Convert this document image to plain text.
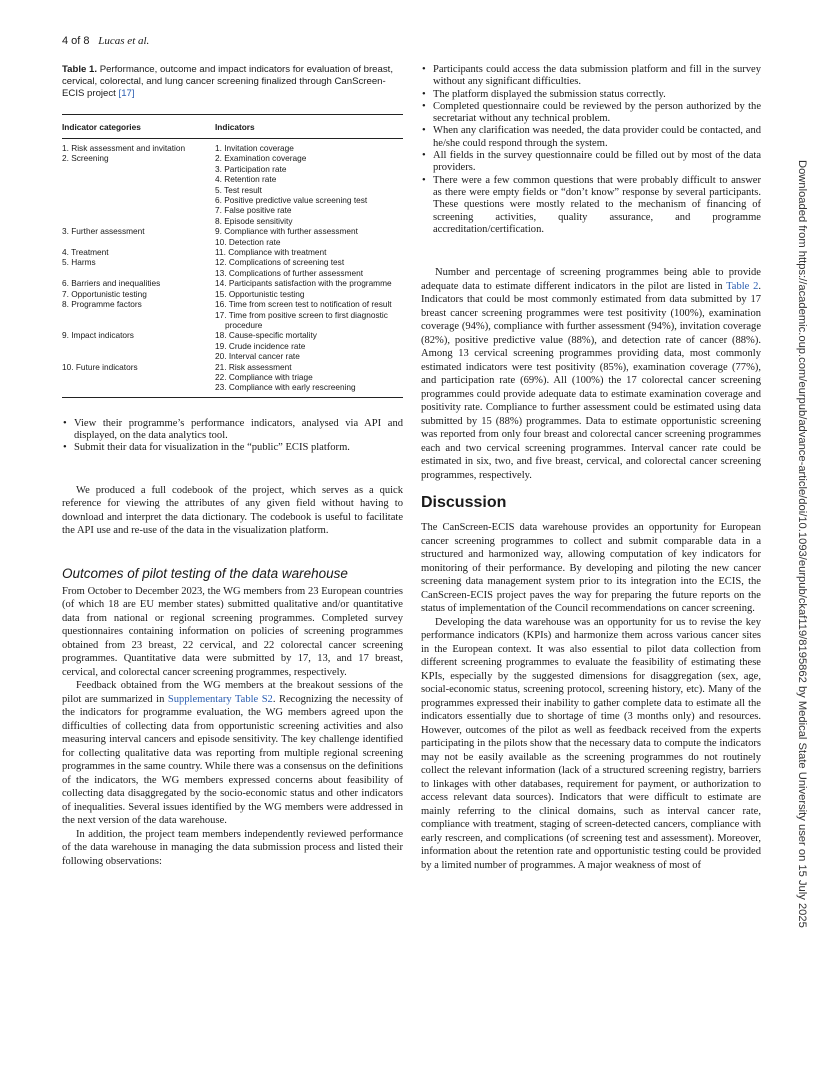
4 of 8 Lucas et al.
Downloaded from https://academic.oup.com/eurpub/advance-article/doi/10.1093/eurpub/ckaf119/8195862 by Medical State University user on 15 July 2025

Table 1. Performance, outcome and impact indicators for evaluation of breast, cervical, colorectal, and lung cancer screening finalized through CanScreen-ECIS project [17]

Indicator categories	Indicators
1. Risk assessment and invitation	1. Invitation coverage
2. Screening	2. Examination coverage
3. Participation rate
4. Retention rate
5. Test result
6. Positive predictive value screening test
7. False positive rate
8. Episode sensitivity
3. Further assessment	9. Compliance with further assessment
10. Detection rate
4. Treatment	11. Compliance with treatment
5. Harms	12. Complications of screening test
13. Complications of further assessment
6. Barriers and inequalities	14. Participants satisfaction with the programme
7. Opportunistic testing	15. Opportunistic testing
8. Programme factors	16. Time from screen test to notification of result
17. Time from positive screen to first diagnostic procedure
9. Impact indicators	18. Cause-specific mortality
19. Crude incidence rate
20. Interval cancer rate
10. Future indicators	21. Risk assessment
22. Compliance with triage
23. Compliance with early rescreening
• View their programme’s performance indicators, analysed via API and displayed, on the data analytics tool.
• Submit their data for visualization in the “public” ECIS platform.

We produced a full codebook of the project, which serves as a quick reference for viewing the attributes of any given field without having to download and interpret the data dictionary. The codebook is useful to facilitate the API use and re-use of the data in the visualization platform.

Outcomes of pilot testing of the data warehouse

From October to December 2023, the WG members from 23 European countries (of which 18 are EU member states) submitted qualitative and/or quantitative data from national or regional screening programmes. Completed survey questionnaires containing information on policies of screening programmes obtained from 23 breast, 22 cervical, and 22 colorectal cancer screening programmes. Quantitative data were submitted by 17, 13, and 17 breast, cervical, and colorectal cancer screening programmes, respectively.

Feedback obtained from the WG members at the breakout sessions of the pilot are summarized in Supplementary Table S2. Recognizing the necessity of the indicators for programme evaluation, the WG members agreed upon the difficulties of collecting data from opportunistic screening activities and also measuring interval cancers and episode sensitivity. The key challenge identified for collecting qualitative data was reporting from multiple regional screening programmes in the same country. While there was a consensus on the definitions of the indicators, the WG members expressed concerns about feasibility of collecting data disaggregated by the socio-economic status and other indicators of inequalities. Several issues identified by the WG members were addressed in the next version of the data warehouse.

In addition, the project team members independently reviewed performance of the data warehouse in managing the data submission process and listed their following observations:

• Participants could access the data submission platform and fill in the survey without any significant difficulties.
• The platform displayed the submission status correctly.
• Completed questionnaire could be reviewed by the person authorized by the secretariat without any technical problem.
• When any clarification was needed, the data provider could be contacted, and he/she could respond through the system.
• All fields in the survey questionnaire could be filled out by most of the data providers.
• There were a few common questions that were probably difficult to answer as there were empty fields or “don’t know” response by several participants. These questions were mostly related to the mechanism of financing of screening activities, quality assurance, and programme accreditation/certification.

Number and percentage of screening programmes being able to provide adequate data to estimate different indicators in the pilot are listed in Table 2. Indicators that could be most commonly estimated from data submitted by 17 breast cancer screening programmes were test positivity (100%), examination coverage (94%), compliance with further assessment (94%), invitation coverage (82%), positive predictive value (88%), and detection rate of cancer (88%). Among 13 cervical screening programmes providing data, most commonly estimated indicators were test positivity (85%), examination coverage (77%), and participation rate (69%). All (100%) the 17 colorectal cancer screening programmes could provide adequate data to estimate examination coverage and positivity rate. Compliance to further assessment could be estimated using data submitted by 15 (88%) programmes. Data to estimate opportunistic screening was reported from only four breast and colorectal cancer screening programmes each and two cervical screening programmes. Interval cancer rate could be estimated in six, two, and five breast, cervical, and colorectal cancer screening programmes, respectively.

Discussion

The CanScreen-ECIS data warehouse provides an opportunity for European cancer screening programmes to collect and submit comparable data in a structured and harmonized way, allowing computation of key indicators for monitoring of their performance. By developing and piloting the new cancer screening data management system prior to its integration into the ECIS, the CanScreen-ECIS project paves the way for preparing the future reports on the status of implementation of the Council recommendations on cancer screening.

Developing the data warehouse was an opportunity for us to revise the key performance indicators (KPIs) and harmonize them across various cancer sites in the European context. It was also essential to pilot data collection from different screening programmes to evaluate the feasibility of estimating these KPIs, especially by the suggested dimensions for disaggregation (sex, age, social-economic status, screening protocol, screening history, etc). Many of the programmes expressed their inability to gather complete data to estimate all the indicators essentially due to shortage of time (3 months only) and resources. However, outcomes of the pilot as well as feedback received from the experts participating in the pilots show that the necessary data to compute the indicators may not be easily available as the screening programmes do not routinely collect the relevant information (lack of a structured screening registry, barriers to linkages with other databases, requirement for payment, or authorization to access relevant data sources). Indicators that were difficult to estimate are mainly referring to the clinical domains, such as interval cancer rate, compliance with treatment, staging of screen-detected cancers, compliance with early rescreen, and complications (of screening test and assessment). Moreover, information about the retention rate and opportunistic testing could be provided by a limited number of programmes. A major weakness of most of
